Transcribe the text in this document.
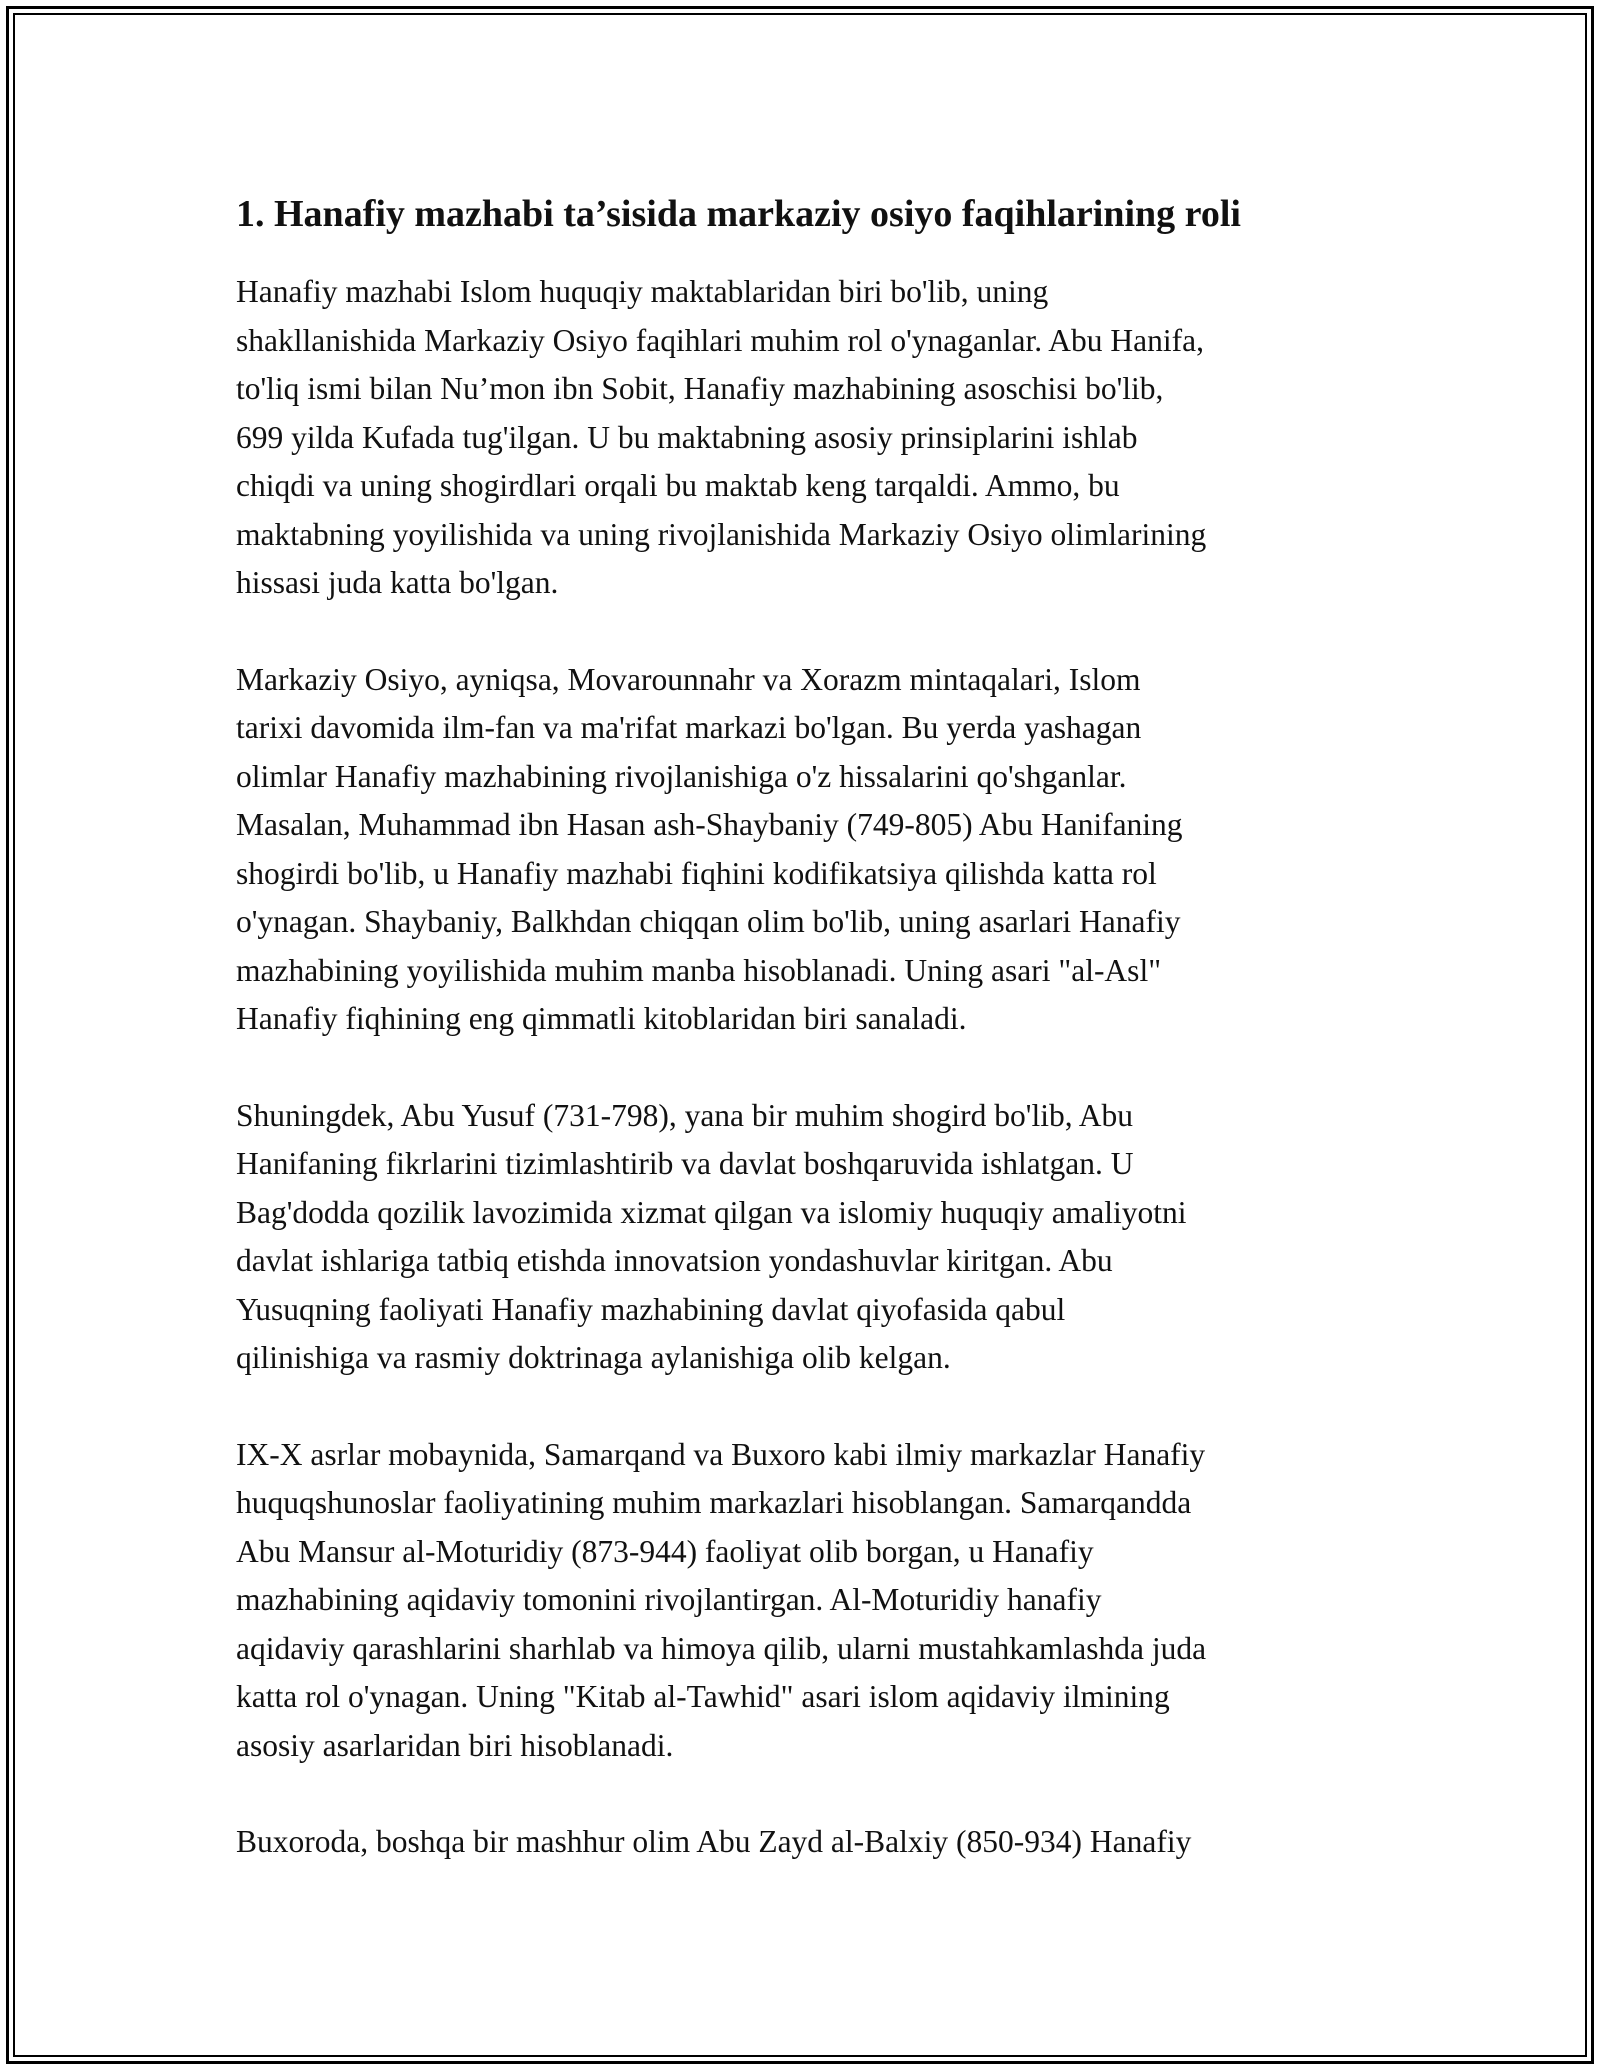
1. Hanafiy mazhabi ta’sisida markaziy osiyo faqihlarining roli

Hanafiy mazhabi Islom huquqiy maktablaridan biri bo'lib, uning
shakllanishida Markaziy Osiyo faqihlari muhim rol o'ynaganlar. Abu Hanifa,
to'liq ismi bilan Nu’mon ibn Sobit, Hanafiy mazhabining asoschisi bo'lib,
699 yilda Kufada tug'ilgan. U bu maktabning asosiy prinsiplarini ishlab
chiqdi va uning shogirdlari orqali bu maktab keng tarqaldi. Ammo, bu
maktabning yoyilishida va uning rivojlanishida Markaziy Osiyo olimlarining
hissasi juda katta bo'lgan.

Markaziy Osiyo, ayniqsa, Movarounnahr va Xorazm mintaqalari, Islom
tarixi davomida ilm-fan va ma'rifat markazi bo'lgan. Bu yerda yashagan
olimlar Hanafiy mazhabining rivojlanishiga o'z hissalarini qo'shganlar.
Masalan, Muhammad ibn Hasan ash-Shaybaniy (749-805) Abu Hanifaning
shogirdi bo'lib, u Hanafiy mazhabi fiqhini kodifikatsiya qilishda katta rol
o'ynagan. Shaybaniy, Balkhdan chiqqan olim bo'lib, uning asarlari Hanafiy
mazhabining yoyilishida muhim manba hisoblanadi. Uning asari "al-Asl"
Hanafiy fiqhining eng qimmatli kitoblaridan biri sanaladi.

Shuningdek, Abu Yusuf (731-798), yana bir muhim shogird bo'lib, Abu
Hanifaning fikrlarini tizimlashtirib va davlat boshqaruvida ishlatgan. U
Bag'dodda qozilik lavozimida xizmat qilgan va islomiy huquqiy amaliyotni
davlat ishlariga tatbiq etishda innovatsion yondashuvlar kiritgan. Abu
Yusuqning faoliyati Hanafiy mazhabining davlat qiyofasida qabul
qilinishiga va rasmiy doktrinaga aylanishiga olib kelgan.

IX-X asrlar mobaynida, Samarqand va Buxoro kabi ilmiy markazlar Hanafiy
huquqshunoslar faoliyatining muhim markazlari hisoblangan. Samarqandda
Abu Mansur al-Moturidiy (873-944) faoliyat olib borgan, u Hanafiy
mazhabining aqidaviy tomonini rivojlantirgan. Al-Moturidiy hanafiy
aqidaviy qarashlarini sharhlab va himoya qilib, ularni mustahkamlashda juda
katta rol o'ynagan. Uning "Kitab al-Tawhid" asari islom aqidaviy ilmining
asosiy asarlaridan biri hisoblanadi.

Buxoroda, boshqa bir mashhur olim Abu Zayd al-Balxiy (850-934) Hanafiy
